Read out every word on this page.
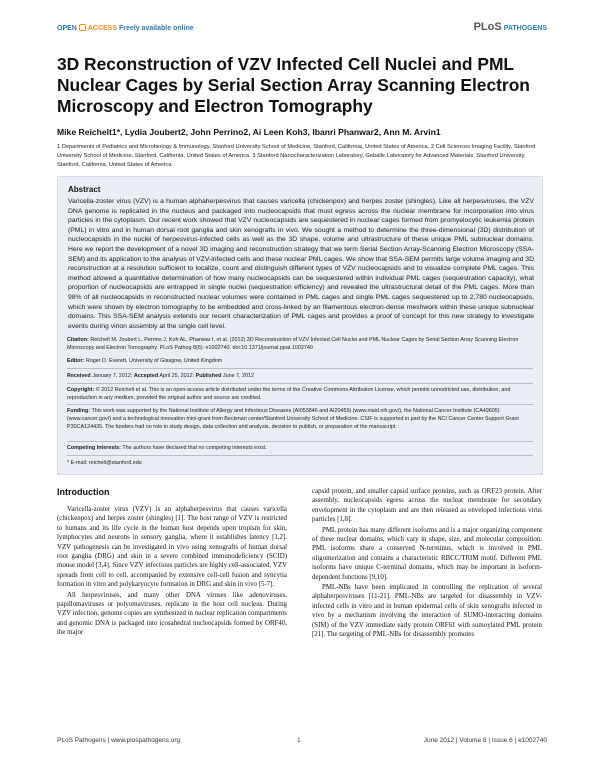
OPEN ACCESS Freely available online	PLoS PATHOGENS
3D Reconstruction of VZV Infected Cell Nuclei and PML Nuclear Cages by Serial Section Array Scanning Electron Microscopy and Electron Tomography
Mike Reichelt1*, Lydia Joubert2, John Perrino2, Ai Leen Koh3, Ibanri Phanwar2, Ann M. Arvin1
1 Departments of Pediatrics and Microbiology & Immunology, Stanford University School of Medicine, Stanford, California, United States of America, 2 Cell Sciences Imaging Facility, Stanford University School of Medicine, Stanford, California, United States of America, 3 Stanford Nanocharacterization Laboratory, Geballe Laboratory for Advanced Materials, Stanford University, Stanford, California, United States of America
Abstract

Varicella-zoster virus (VZV) is a human alphaherpesvirus that causes varicella (chickenpox) and herpes zoster (shingles). Like all herpesviruses, the VZV DNA genome is replicated in the nucleus and packaged into nucleocapsids that must egress across the nuclear membrane for incorporation into virus particles in the cytoplasm. Our recent work showed that VZV nucleocapsids are sequestered in nuclear cages formed from promyelocytic leukemia protein (PML) in vitro and in human dorsal root ganglia and skin xenografts in vivo. We sought a method to determine the three-dimensional (3D) distribution of nucleocapsids in the nuclei of herpesvirus-infected cells as well as the 3D shape, volume and ultrastructure of these unique PML subnuclear domains. Here we report the development of a novel 3D imaging and reconstruction strategy that we term Serial Section Array-Scanning Electron Microscopy (SSA-SEM) and its application to the analysis of VZV-infected cells and these nuclear PML cages. We show that SSA-SEM permits large volume imaging and 3D reconstruction at a resolution sufficient to localize, count and distinguish different types of VZV nucleocapsids and to visualize complete PML cages. This method allowed a quantitative determination of how many nucleocapsids can be sequestered within individual PML cages (sequestration capacity), what proportion of nucleocapsids are entrapped in single nuclei (sequestration efficiency) and revealed the ultrastructural detail of the PML cages. More than 98% of all nucleocapsids in reconstructed nuclear volumes were contained in PML cages and single PML cages sequestered up to 2,780 nucleocapsids, which were shown by electron tomography to be embedded and cross-linked by an filamentous electron-dense meshwork within these unique subnuclear domains. This SSA-SEM analysis extends our recent characterization of PML cages and provides a proof of concept for this new strategy to investigate events during virion assembly at the single cell level.

Citation: Reichelt M, Joubert L, Perrino J, Koh AL, Phanwar I, et al. (2012) 3D Reconstruction of VZV Infected Cell Nuclei and PML Nuclear Cages by Serial Section Array Scanning Electron Microscopy and Electron Tomography. PLoS Pathog 8(6): e1002740. doi:10.1371/journal.ppat.1002740
Editor: Roger D. Everett, University of Glasgow, United Kingdom
Received January 7, 2012; Accepted April 25, 2012; Published June 7, 2012
Copyright: © 2012 Reichelt et al. This is an open-access article distributed under the terms of the Creative Commons Attribution License, which permits unrestricted use, distribution, and reproduction in any medium, provided the original author and source are credited.
Funding: This work was supported by the National Institute of Allergy and Infectious Diseases (AI053846 and AI20459) (www.niaid.nih.gov/), the National Cancer Institute (CA49605) (www.cancer.gov/) and a technological innovation mini-grant from Beckman center/Stanford University School of Medicine. CSIF is supported in part by the NCI Cancer Center Support Grant P30CA124435. The funders had no role in study design, data collection and analysis, decision to publish, or preparation of the manuscript.
Competing Interests: The authors have declared that no competing interests exist.
* E-mail: reichelt@stanford.edu
Introduction

Varicella-zoster virus (VZV) is an alphaherpesvirus that causes varicella (chickenpox) and herpes zoster (shingles) [1]. The host range of VZV is restricted to humans and its life cycle in the human host depends upon tropism for skin, lymphocytes and neurons in sensory ganglia, where it establishes latency [1,2]. VZV pathogenesis can be investigated in vivo using xenografts of human dorsal root ganglia (DRG) and skin in a severe combined immunodeficiency (SCID) mouse model [3,4]. Since VZV infectious particles are highly cell-associated, VZV spreads from cell to cell, accompanied by extensive cell-cell fusion and syncytia formation in vitro and polykaryocyte formation in DRG and skin in vivo [5-7].

All herpesviruses, and many other DNA viruses like adenoviruses, papillomaviruses or polyomaviruses, replicate in the host cell nucleus. During VZV infection, genome copies are synthesized in nuclear replication compartments and genomic DNA is packaged into icosahedral nucleocapsids formed by ORF40, the major

capsid protein, and smaller capsid surface proteins, such as ORF23 protein. After assembly, nucleocapsids egress across the nuclear membrane for secondary envelopment in the cytoplasm and are then released as enveloped infectious virus particles [1,8].

PML protein has many different isoforms and is a major organizing component of these nuclear domains, which vary in shape, size, and molecular composition. PML isoforms share a conserved N-terminus, which is involved in PML oligomerization and contains a characteristic RBCC/TRIM motif. Different PML isoforms have unique C-terminal domains, which may be important in isoform-dependent functions [9,10].

PML-NBs have been implicated in controlling the replication of several alphaherpesviruses [11-21]. PML-NBs are targeted for disassembly in VZV-infected cells in vitro and in human epidermal cells of skin xenografts infected in vivo by a mechanism involving the interaction of SUMO-interacting domains (SIM) of the VZV immediate early protein ORF61 with sumoylated PML protein [21]. The targeting of PML-NBs for disassembly promotes

PLoS Pathogens | www.plospathogens.org	1	June 2012 | Volume 8 | Issue 6 | e1002740
